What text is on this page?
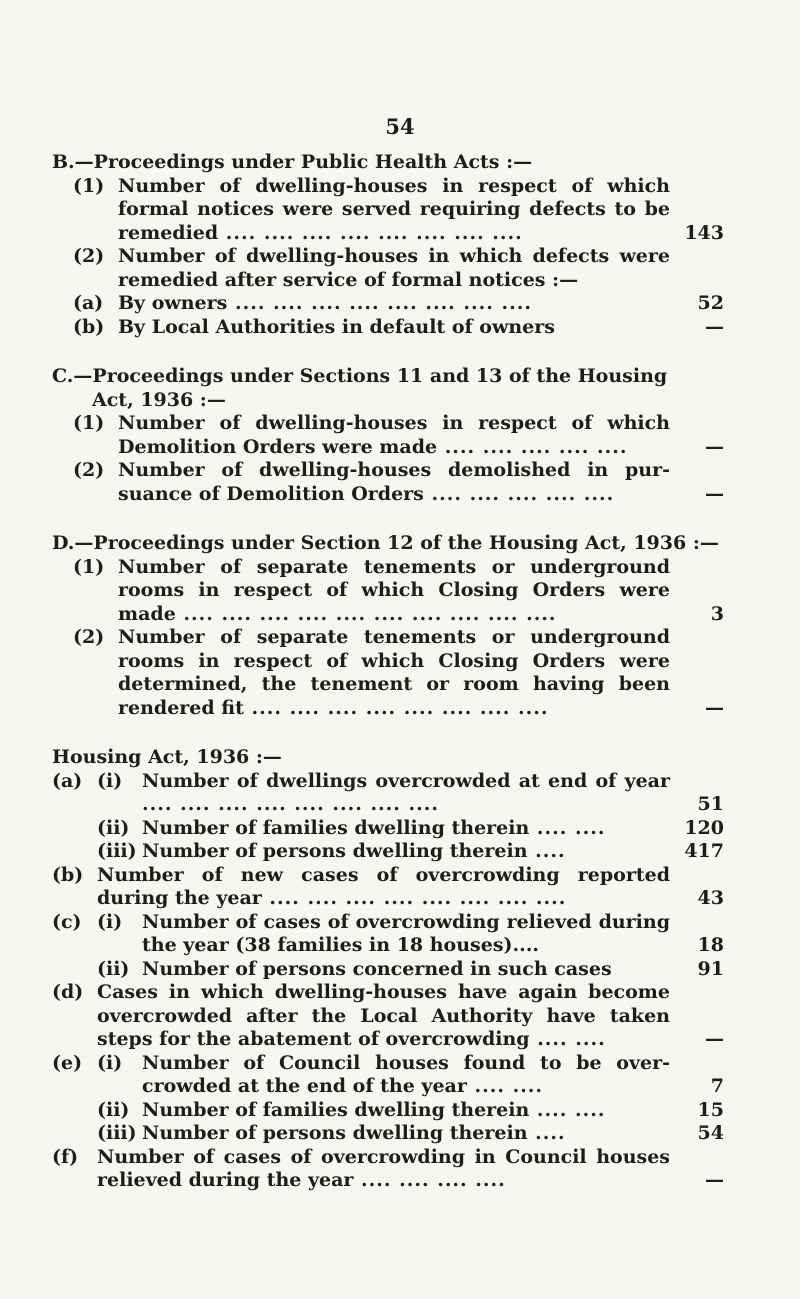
54
B.—Proceedings under Public Health Acts :—
(1) Number of dwelling-houses in respect of which formal notices were served requiring defects to be remedied .... .... .... .... .... .... .... ....	143
(2) Number of dwelling-houses in which defects were remedied after service of formal notices :—
(a) By owners .... .... .... .... .... .... .... ....	52
(b) By Local Authorities in default of owners	—
C.—Proceedings under Sections 11 and 13 of the Housing
Act, 1936 :—
(1) Number of dwelling-houses in respect of which Demolition Orders were made .... .... .... .... ....	—
(2) Number of dwelling-houses demolished in pur-suance of Demolition Orders .... .... .... .... ....	—
D.—Proceedings under Section 12 of the Housing Act, 1936 :—
(1) Number of separate tenements or underground rooms in respect of which Closing Orders were made .... .... .... .... .... .... .... .... .... ....	3
(2) Number of separate tenements or underground rooms in respect of which Closing Orders were determined, the tenement or room having been rendered fit .... .... .... .... .... .... .... ....	—
Housing Act, 1936 :—
(a) (i)	Number of dwellings overcrowded at end of year .... .... .... .... .... .... .... ....	51
(ii) Number of families dwelling therein .... ....	120
(iii) Number of persons dwelling therein ....	417
(b) Number of new cases of overcrowding reported during the year .... .... .... .... .... .... .... ....	43
(c) (i)	Number of cases of overcrowding relieved during the year (38 families in 18 houses)....	18
(ii) Number of persons concerned in such cases	91
(d) Cases in which dwelling-houses have again become overcrowded after the Local Authority have taken steps for the abatement of overcrowding .... ....	—
(e) (i)	Number of Council houses found to be over-crowded at the end of the year .... ....	7
(ii) Number of families dwelling therein .... ....	15
(iii) Number of persons dwelling therein ....	54
(f) Number of cases of overcrowding in Council houses relieved during the year .... .... .... ....	—
